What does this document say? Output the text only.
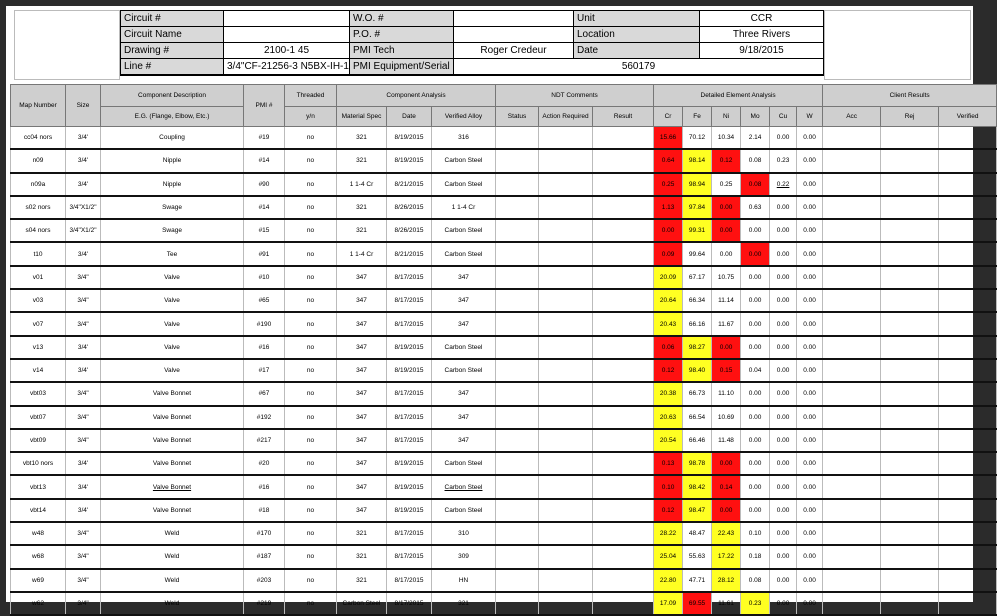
Circuit #		W.O. #		Unit	CCR
Circuit Name		P.O. #		Location	Three Rivers
Drawing #	2100-1 45	PMI Tech	Roger Credeur	Date	9/18/2015
Line #	3/4"CF-21256-3 N5BX-IH-1	PMI Equipment/Serial	560179		
Map Number	Size	Component Description	PMI #	Threaded	Component Analysis			NDT Comments			Detailed Element Analysis						Client Results		
		E.G. (Flange, Elbow, Etc.)		y/n	Material Spec	Date	Verified Alloy	Status	Action Required	Result	Cr	Fe	Ni	Mo	Cu	W	Acc	Rej	Verified
cc04 nors	3/4'	Coupling	#19	no	321	8/19/2015	316				15.66	70.12	10.34	2.14	0.00	0.00			
n09	3/4'	Nipple	#14	no	321	8/19/2015	Carbon Steel				0.64	98.14	0.12	0.08	0.23	0.00			
n09a	3/4'	Nipple	#90	no	1 1-4 Cr	8/21/2015	Carbon Steel				0.25	98.94	0.25	0.08	0.22	0.00			
s02 nors	3/4"X1/2"	Swage	#14	no	321	8/26/2015	1 1-4 Cr				1.13	97.84	0.00	0.63	0.00	0.00			
s04 nors	3/4"X1/2"	Swage	#15	no	321	8/26/2015	Carbon Steel				0.00	99.31	0.00	0.00	0.00	0.00			
t10	3/4'	Tee	#91	no	1 1-4 Cr	8/21/2015	Carbon Steel				0.09	99.64	0.00	0.00	0.00	0.00			
v01	3/4"	Valve	#10	no	347	8/17/2015	347				20.09	67.17	10.75	0.00	0.00	0.00			
v03	3/4"	Valve	#65	no	347	8/17/2015	347				20.64	66.34	11.14	0.00	0.00	0.00			
v07	3/4"	Valve	#190	no	347	8/17/2015	347				20.43	66.16	11.67	0.00	0.00	0.00			
v13	3/4'	Valve	#16	no	347	8/19/2015	Carbon Steel				0.06	98.27	0.00	0.00	0.00	0.00			
v14	3/4'	Valve	#17	no	347	8/19/2015	Carbon Steel				0.12	98.40	0.15	0.04	0.00	0.00			
vbt03	3/4"	Valve Bonnet	#67	no	347	8/17/2015	347				20.38	66.73	11.10	0.00	0.00	0.00			
vbt07	3/4"	Valve Bonnet	#192	no	347	8/17/2015	347				20.63	66.54	10.69	0.00	0.00	0.00			
vbt09	3/4"	Valve Bonnet	#217	no	347	8/17/2015	347				20.54	66.46	11.48	0.00	0.00	0.00			
vbt10 nors	3/4'	Valve Bonnet	#20	no	347	8/19/2015	Carbon Steel				0.13	98.78	0.00	0.00	0.00	0.00			
vbt13	3/4'	Valve Bonnet	#16	no	347	8/19/2015	Carbon Steel				0.10	98.42	0.14	0.00	0.00	0.00			
vbt14	3/4'	Valve Bonnet	#18	no	347	8/19/2015	Carbon Steel				0.12	98.47	0.00	0.00	0.00	0.00			
w48	3/4"	Weld	#170	no	321	8/17/2015	310				28.22	48.47	22.43	0.10	0.00	0.00			
w68	3/4"	Weld	#187	no	321	8/17/2015	309				25.04	55.63	17.22	0.18	0.00	0.00			
w69	3/4"	Weld	#203	no	321	8/17/2015	HN				22.80	47.71	28.12	0.08	0.00	0.00			
w62	3/4"	Weld	#219	no	Carbon Steel	8/17/2015	321				17.09	69.55	11.61	0.23	0.00	0.00			
